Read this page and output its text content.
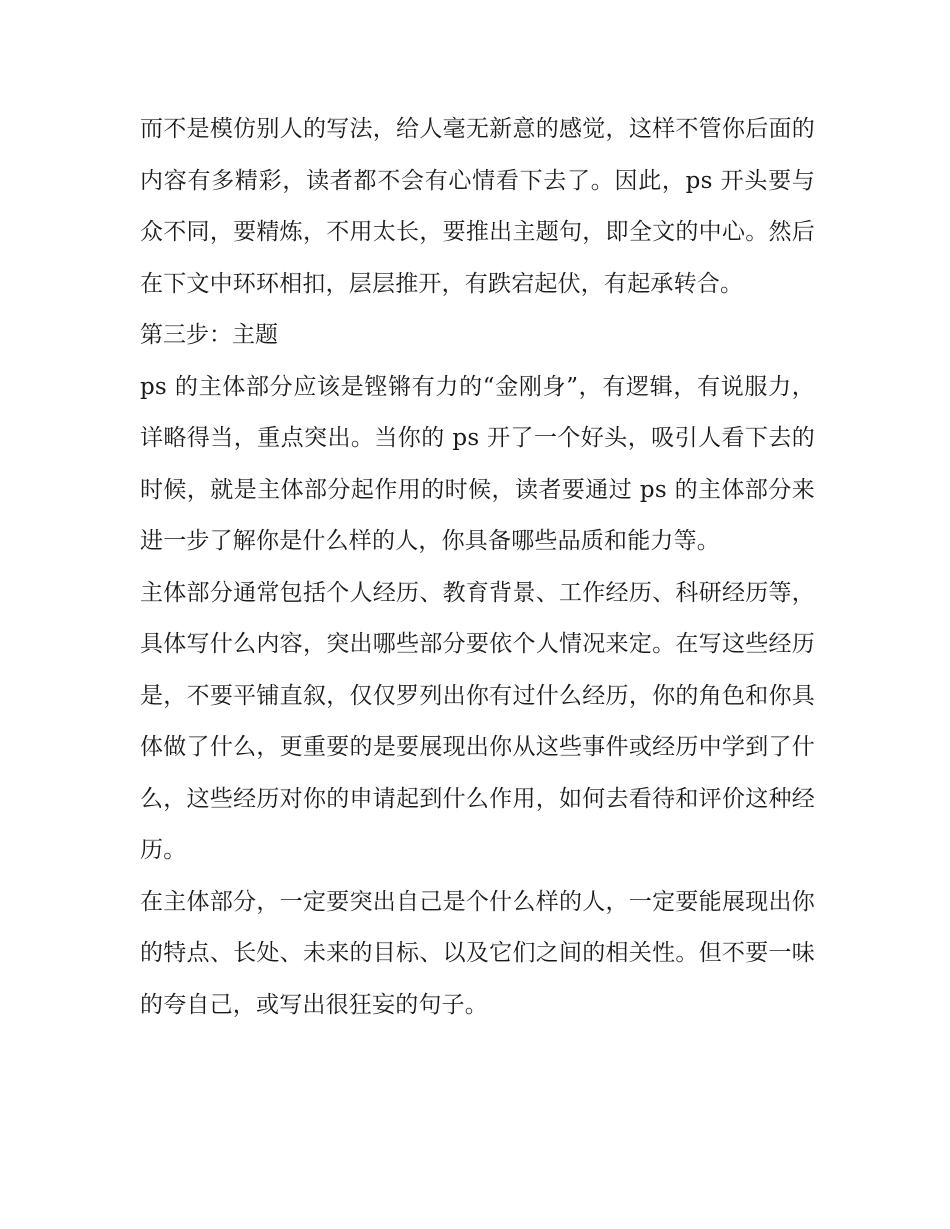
而不是模仿别人的写法，给人毫无新意的感觉，这样不管你后面的内容有多精彩，读者都不会有心情看下去了。因此，ps 开头要与众不同，要精炼，不用太长，要推出主题句，即全文的中心。然后在下文中环环相扣，层层推开，有跌宕起伏，有起承转合。

第三步：主题

ps 的主体部分应该是铿锵有力的“金刚身”，有逻辑，有说服力，详略得当，重点突出。当你的 ps 开了一个好头，吸引人看下去的时候，就是主体部分起作用的时候，读者要通过 ps 的主体部分来进一步了解你是什么样的人，你具备哪些品质和能力等。

主体部分通常包括个人经历、教育背景、工作经历、科研经历等，具体写什么内容，突出哪些部分要依个人情况来定。在写这些经历是，不要平铺直叙，仅仅罗列出你有过什么经历，你的角色和你具体做了什么，更重要的是要展现出你从这些事件或经历中学到了什么，这些经历对你的申请起到什么作用，如何去看待和评价这种经历。

在主体部分，一定要突出自己是个什么样的人，一定要能展现出你的特点、长处、未来的目标、以及它们之间的相关性。但不要一味的夸自己，或写出很狂妄的句子。
